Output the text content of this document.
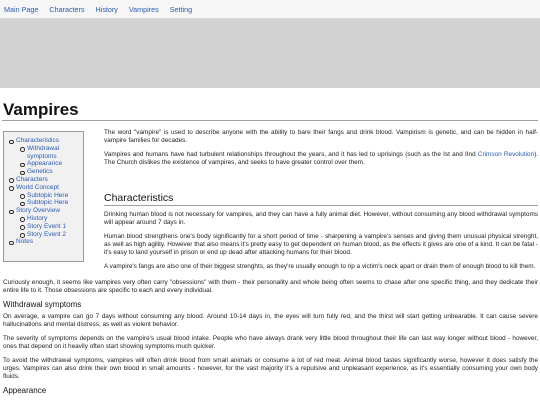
Main Page Characters History Vampires Setting
Vampires
Characteristics
Withdrawal symptoms
Appearance
Genetics
Characters
World Concept
Subtopic Here
Subtopic Here
Story Overview
History
Story Event 1
Story Event 2
Notes

The word "vampire" is used to describe anyone with the ability to bare their fangs and drink blood. Vampirism is genetic, and can be hidden in half-vampire families for decades.

Vampires and humans have had turbulent relationships throughout the years, and it has led to uprisings (such as the Ist and IInd Crimson Revolution). The Church dislikes the existence of vampires, and seeks to have greater control over them.

Characteristics

Drinking human blood is not necessary for vampires, and they can have a fully animal diet. However, without consuming any blood withdrawal symptoms will appear around 7 days in.

Human blood strengthens one's body significantly for a short period of time - sharpening a vampire's senses and giving them unusual physical strenght, as well as high agility. However that also means it's pretty easy to get dependent on human blood, as the effects it gives are one of a kind. It can be fatal - it's easy to land yourself in prison or end up dead after attacking humans for their blood.

A vampire's fangs are also one of their biggest strenghts, as they're usually enough to rip a victim's neck apart or drain them of enough blood to kill them.

Curiously enough, it seems like vampires very often carry "obsessions" with them - their personality and whole being often seems to chase after one specific thing, and they dedicate their entire life to it. Those obsessions are specific to each and every individual.

Withdrawal symptoms

On average, a vampire can go 7 days without consuming any blood. Around 10-14 days in, the eyes will turn fully red, and the thirst will start getting unbearable. It can cause severe hallucinations and mental distress, as well as violent behavior.

The severity of symptoms depends on the vampire's usual blood intake. People who have always drank very little blood throughout their life can last way longer without blood - however, ones that depend on it heavily often start showing symptoms much quicker.

To avoid the withdrawal symptoms, vampires will often drink blood from small animals or consume a lot of red meat. Animal blood tastes significantly worse, however it does satisfy the urges. Vampires can also drink their own blood in small amounts - however, for the vast majority it's a repulsive and unpleasant experience, as it's essentially consuming your own body fluids.

Appearance
